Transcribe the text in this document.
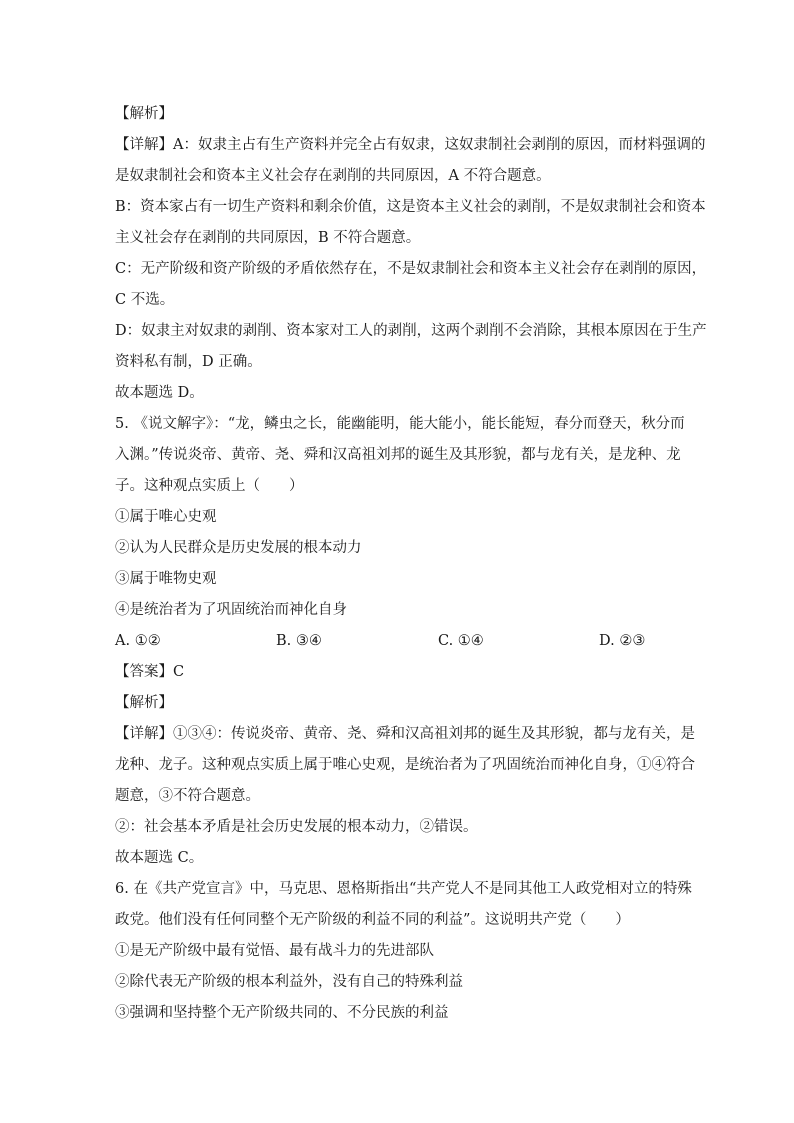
【解析】
【详解】A：奴隶主占有生产资料并完全占有奴隶，这奴隶制社会剥削的原因，而材料强调的
是奴隶制社会和资本主义社会存在剥削的共同原因，A 不符合题意。
B：资本家占有一切生产资料和剩余价值，这是资本主义社会的剥削，不是奴隶制社会和资本
主义社会存在剥削的共同原因，B 不符合题意。
C：无产阶级和资产阶级的矛盾依然存在，不是奴隶制社会和资本主义社会存在剥削的原因，
C 不选。
D：奴隶主对奴隶的剥削、资本家对工人的剥削，这两个剥削不会消除，其根本原因在于生产
资料私有制，D 正确。
故本题选 D。
5. 《说文解字》：“龙，鳞虫之长，能幽能明，能大能小，能长能短，春分而登天，秋分而
入渊。”传说炎帝、黄帝、尧、舜和汉高祖刘邦的诞生及其形貌，都与龙有关，是龙种、龙
子。这种观点实质上（　　）
①属于唯心史观
②认为人民群众是历史发展的根本动力
③属于唯物史观
④是统治者为了巩固统治而神化自身
A. ①②	B. ③④	C. ①④	D. ②③
【答案】C
【解析】
【详解】①③④：传说炎帝、黄帝、尧、舜和汉高祖刘邦的诞生及其形貌，都与龙有关，是
龙种、龙子。这种观点实质上属于唯心史观，是统治者为了巩固统治而神化自身，①④符合
题意，③不符合题意。
②：社会基本矛盾是社会历史发展的根本动力，②错误。
故本题选 C。
6. 在《共产党宣言》中，马克思、恩格斯指出“共产党人不是同其他工人政党相对立的特殊
政党。他们没有任何同整个无产阶级的利益不同的利益”。这说明共产党（　　）
①是无产阶级中最有觉悟、最有战斗力的先进部队
②除代表无产阶级的根本利益外，没有自己的特殊利益
③强调和坚持整个无产阶级共同的、不分民族的利益
